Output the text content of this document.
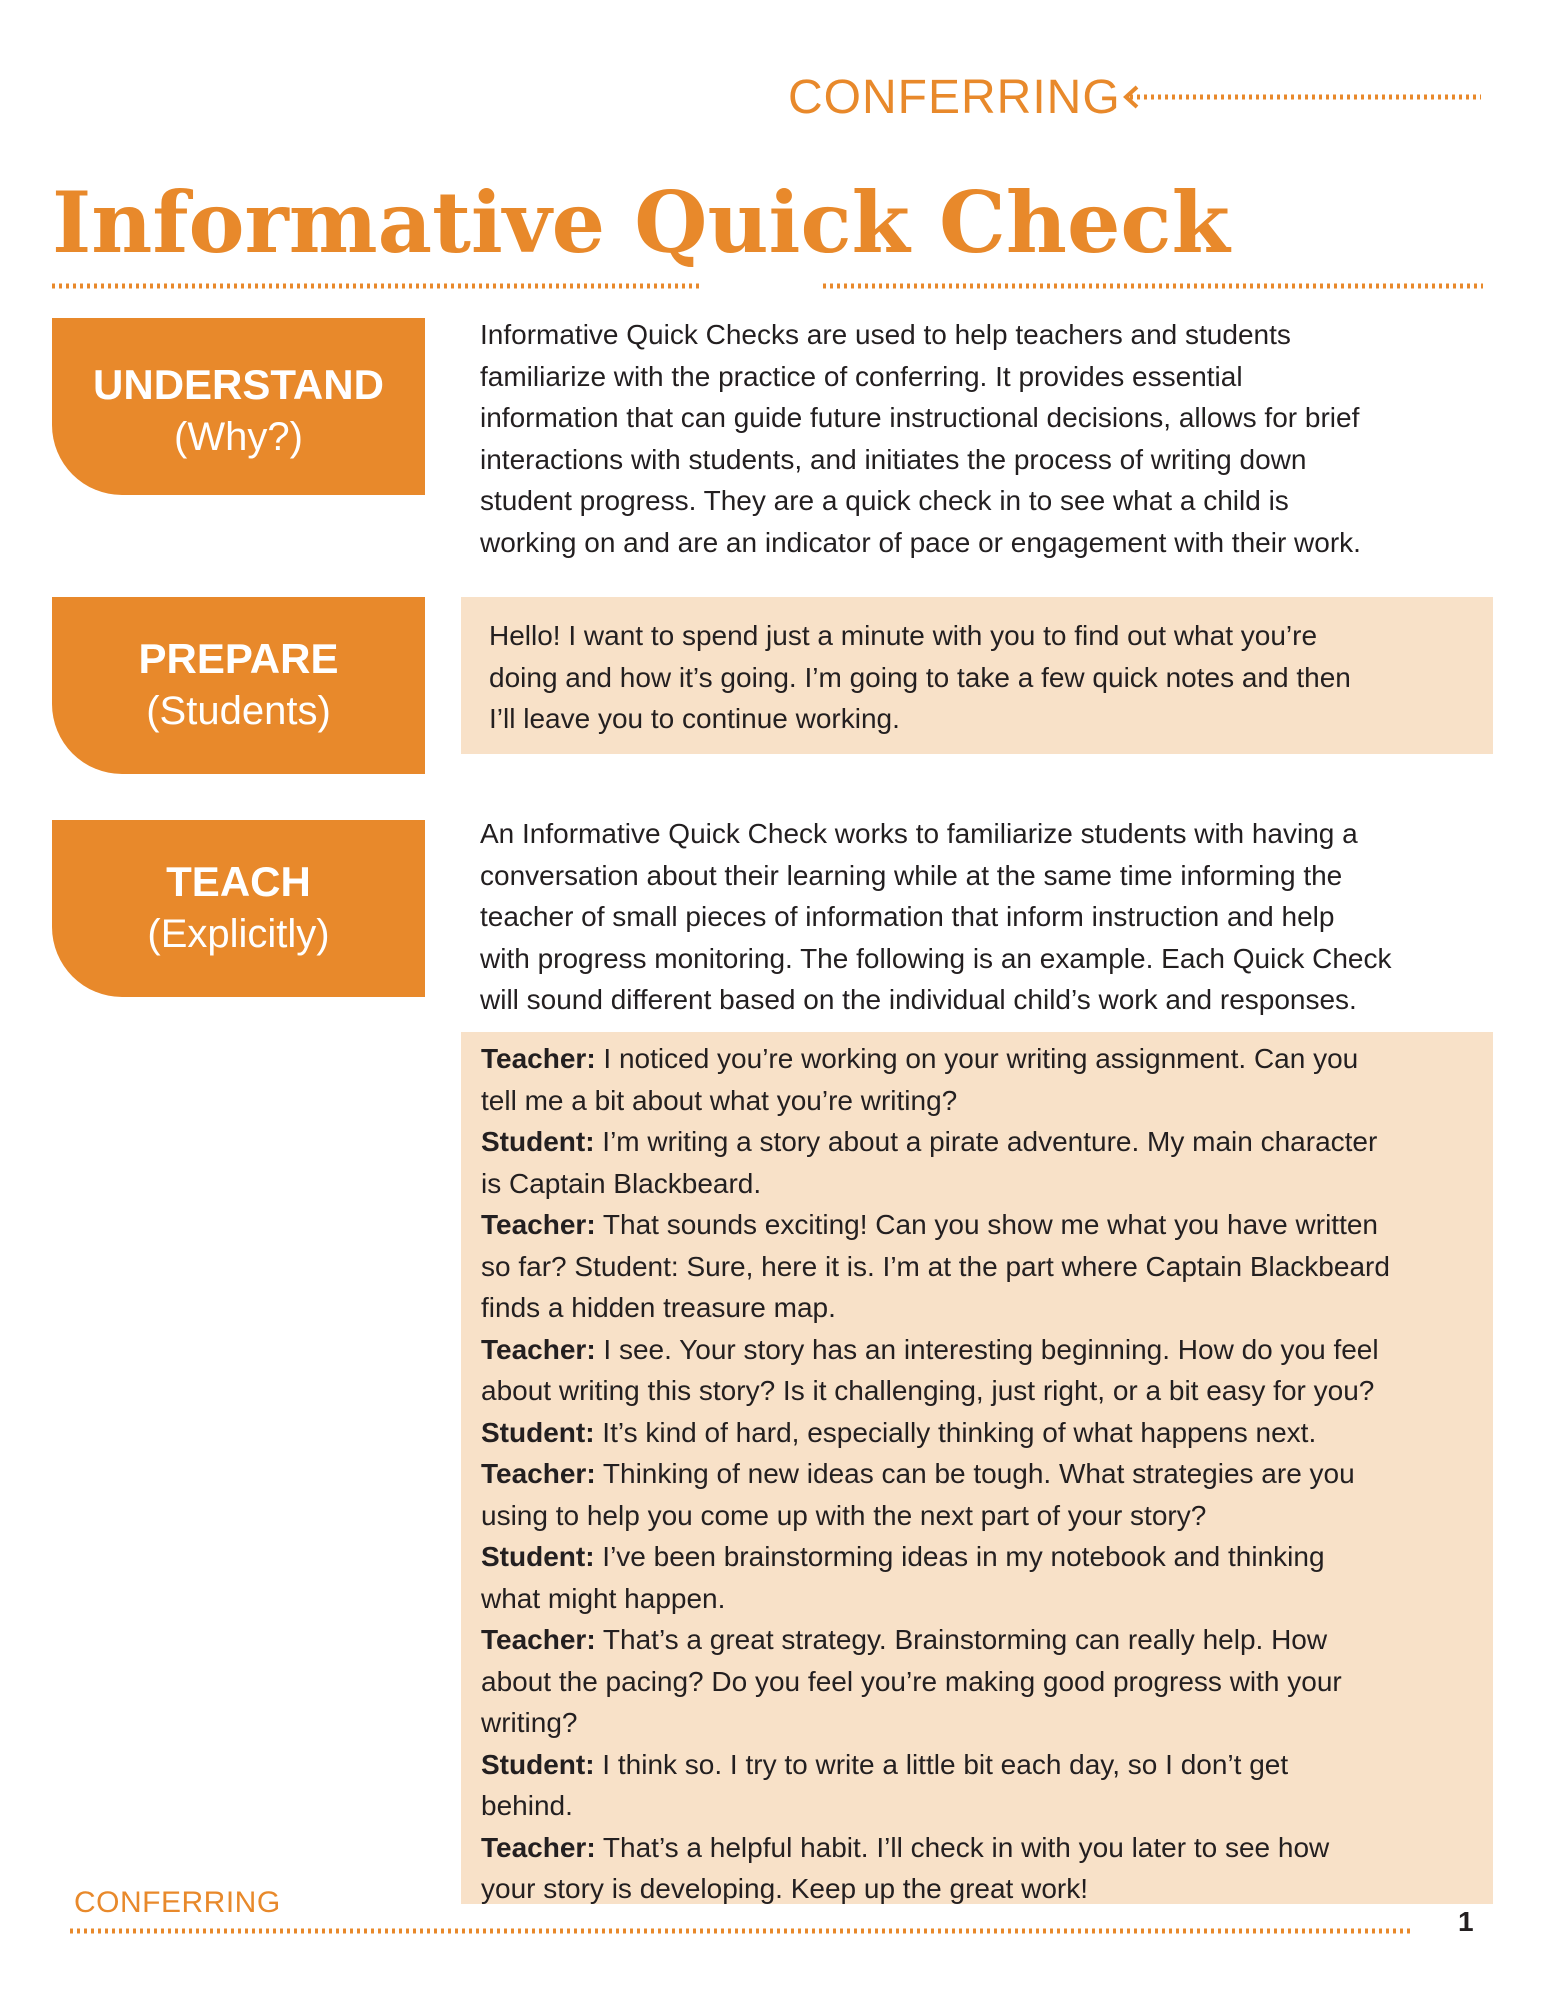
CONFERRING
Informative Quick Check
UNDERSTAND
(Why?)
Informative Quick Checks are used to help teachers and students
familiarize with the practice of conferring. It provides essential
information that can guide future instructional decisions, allows for brief
interactions with students, and initiates the process of writing down
student progress. They are a quick check in to see what a child is
working on and are an indicator of pace or engagement with their work.
PREPARE
(Students)
Hello! I want to spend just a minute with you to find out what you’re
doing and how it’s going. I’m going to take a few quick notes and then
I’ll leave you to continue working.
TEACH
(Explicitly)
An Informative Quick Check works to familiarize students with having a
conversation about their learning while at the same time informing the
teacher of small pieces of information that inform instruction and help
with progress monitoring. The following is an example. Each Quick Check
will sound different based on the individual child’s work and responses.
Teacher: I noticed you’re working on your writing assignment. Can you
tell me a bit about what you’re writing?
Student: I’m writing a story about a pirate adventure. My main character
is Captain Blackbeard.
Teacher: That sounds exciting! Can you show me what you have written
so far? Student: Sure, here it is. I’m at the part where Captain Blackbeard
finds a hidden treasure map.
Teacher: I see. Your story has an interesting beginning. How do you feel
about writing this story? Is it challenging, just right, or a bit easy for you?
Student: It’s kind of hard, especially thinking of what happens next.
Teacher: Thinking of new ideas can be tough. What strategies are you
using to help you come up with the next part of your story?
Student: I’ve been brainstorming ideas in my notebook and thinking
what might happen.
Teacher: That’s a great strategy. Brainstorming can really help. How
about the pacing? Do you feel you’re making good progress with your
writing?
Student: I think so. I try to write a little bit each day, so I don’t get
behind.
Teacher: That’s a helpful habit. I’ll check in with you later to see how
your story is developing. Keep up the great work!
CONFERRING
1
